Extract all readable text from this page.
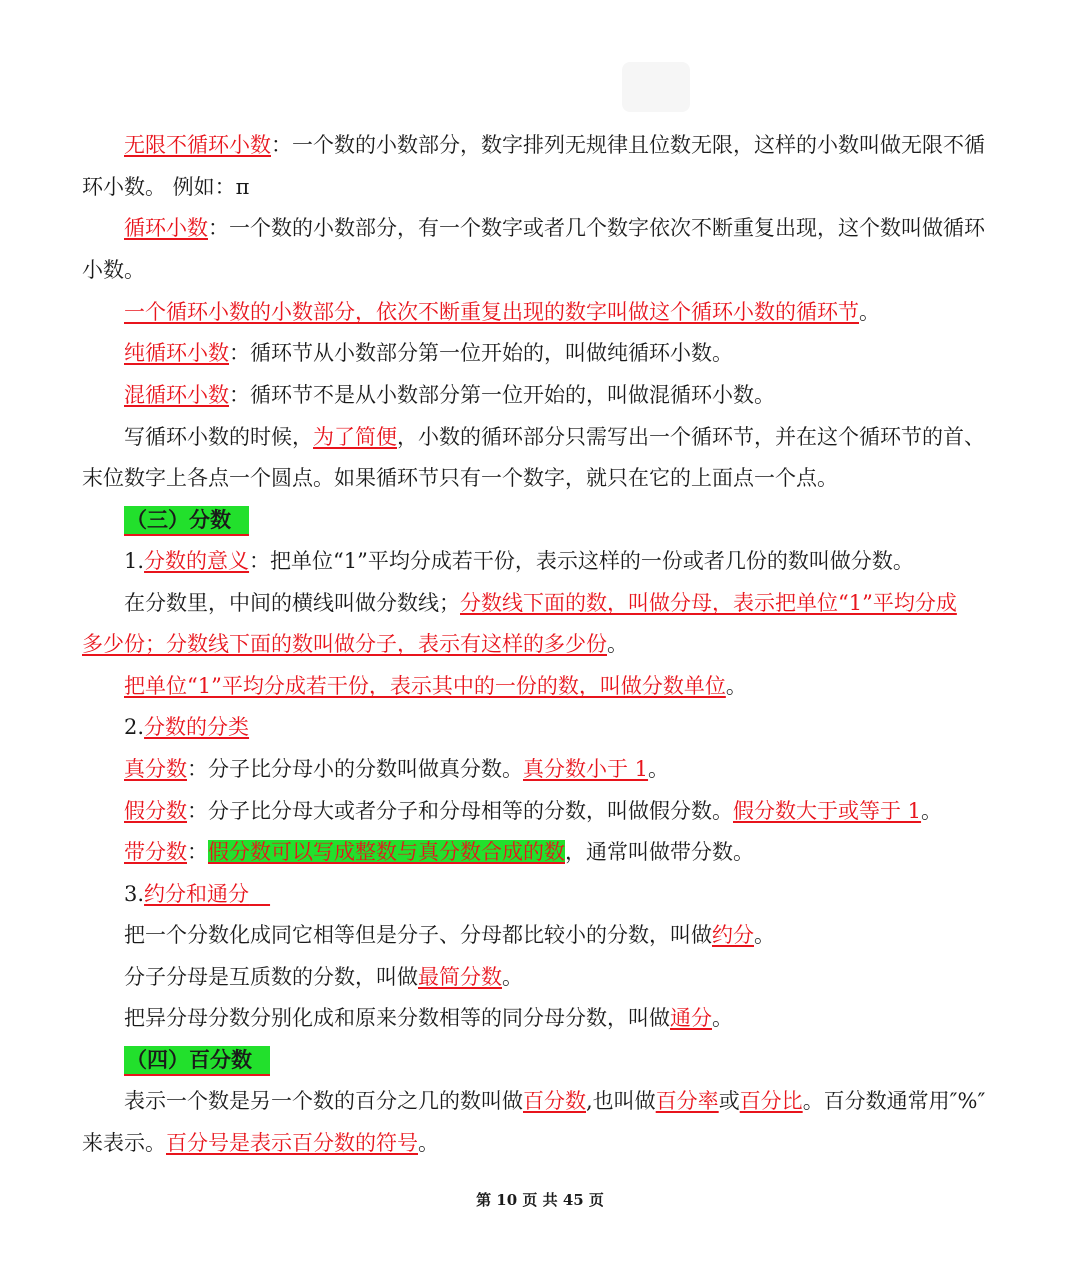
无限不循环小数：一个数的小数部分，数字排列无规律且位数无限，这样的小数叫做无限不循
环小数。 例如：π
循环小数：一个数的小数部分，有一个数字或者几个数字依次不断重复出现，这个数叫做循环
小数。
一个循环小数的小数部分，依次不断重复出现的数字叫做这个循环小数的循环节。
纯循环小数：循环节从小数部分第一位开始的，叫做纯循环小数。
混循环小数：循环节不是从小数部分第一位开始的，叫做混循环小数。
写循环小数的时候，为了简便，小数的循环部分只需写出一个循环节，并在这个循环节的首、
末位数字上各点一个圆点。如果循环节只有一个数字，就只在它的上面点一个点。
（三）分数
1.分数的意义：把单位“1”平均分成若干份，表示这样的一份或者几份的数叫做分数。
在分数里，中间的横线叫做分数线；分数线下面的数，叫做分母，表示把单位“1”平均分成
多少份；分数线下面的数叫做分子，表示有这样的多少份。
把单位“1”平均分成若干份，表示其中的一份的数，叫做分数单位。
2.分数的分类
真分数：分子比分母小的分数叫做真分数。真分数小于 1。
假分数：分子比分母大或者分子和分母相等的分数，叫做假分数。假分数大于或等于 1。
带分数：假分数可以写成整数与真分数合成的数，通常叫做带分数。
3.约分和通分 
把一个分数化成同它相等但是分子、分母都比较小的分数，叫做约分。
分子分母是互质数的分数，叫做最简分数。
把异分母分数分别化成和原来分数相等的同分母分数，叫做通分。
（四）百分数
表示一个数是另一个数的百分之几的数叫做百分数,也叫做百分率或百分比。百分数通常用″%″
来表示。百分号是表示百分数的符号。
第 10 页 共 45 页
